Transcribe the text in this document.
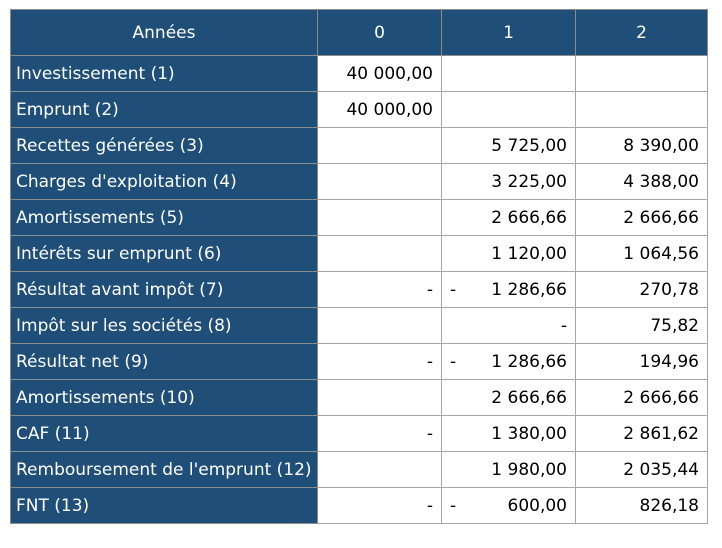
Années	0	1	2
Investissement (1)	40 000,00	

Emprunt (2)	40 000,00	

Recettes générées (3)		5 725,00	8 390,00
Charges d'exploitation (4)		3 225,00	4 388,00
Amortissements (5)		2 666,66	2 666,66
Intérêts sur emprunt (6)		1 120,00	1 064,56
Résultat avant impôt (7)	-	- 1 286,66	270,78
Impôt sur les sociétés (8)		-	75,82
Résultat net (9)	-	- 1 286,66	194,96
Amortissements (10)		2 666,66	2 666,66
CAF (11)	-	1 380,00	2 861,62
Remboursement de l'emprunt (12)		1 980,00	2 035,44
FNT (13)	-	- 600,00	826,18
